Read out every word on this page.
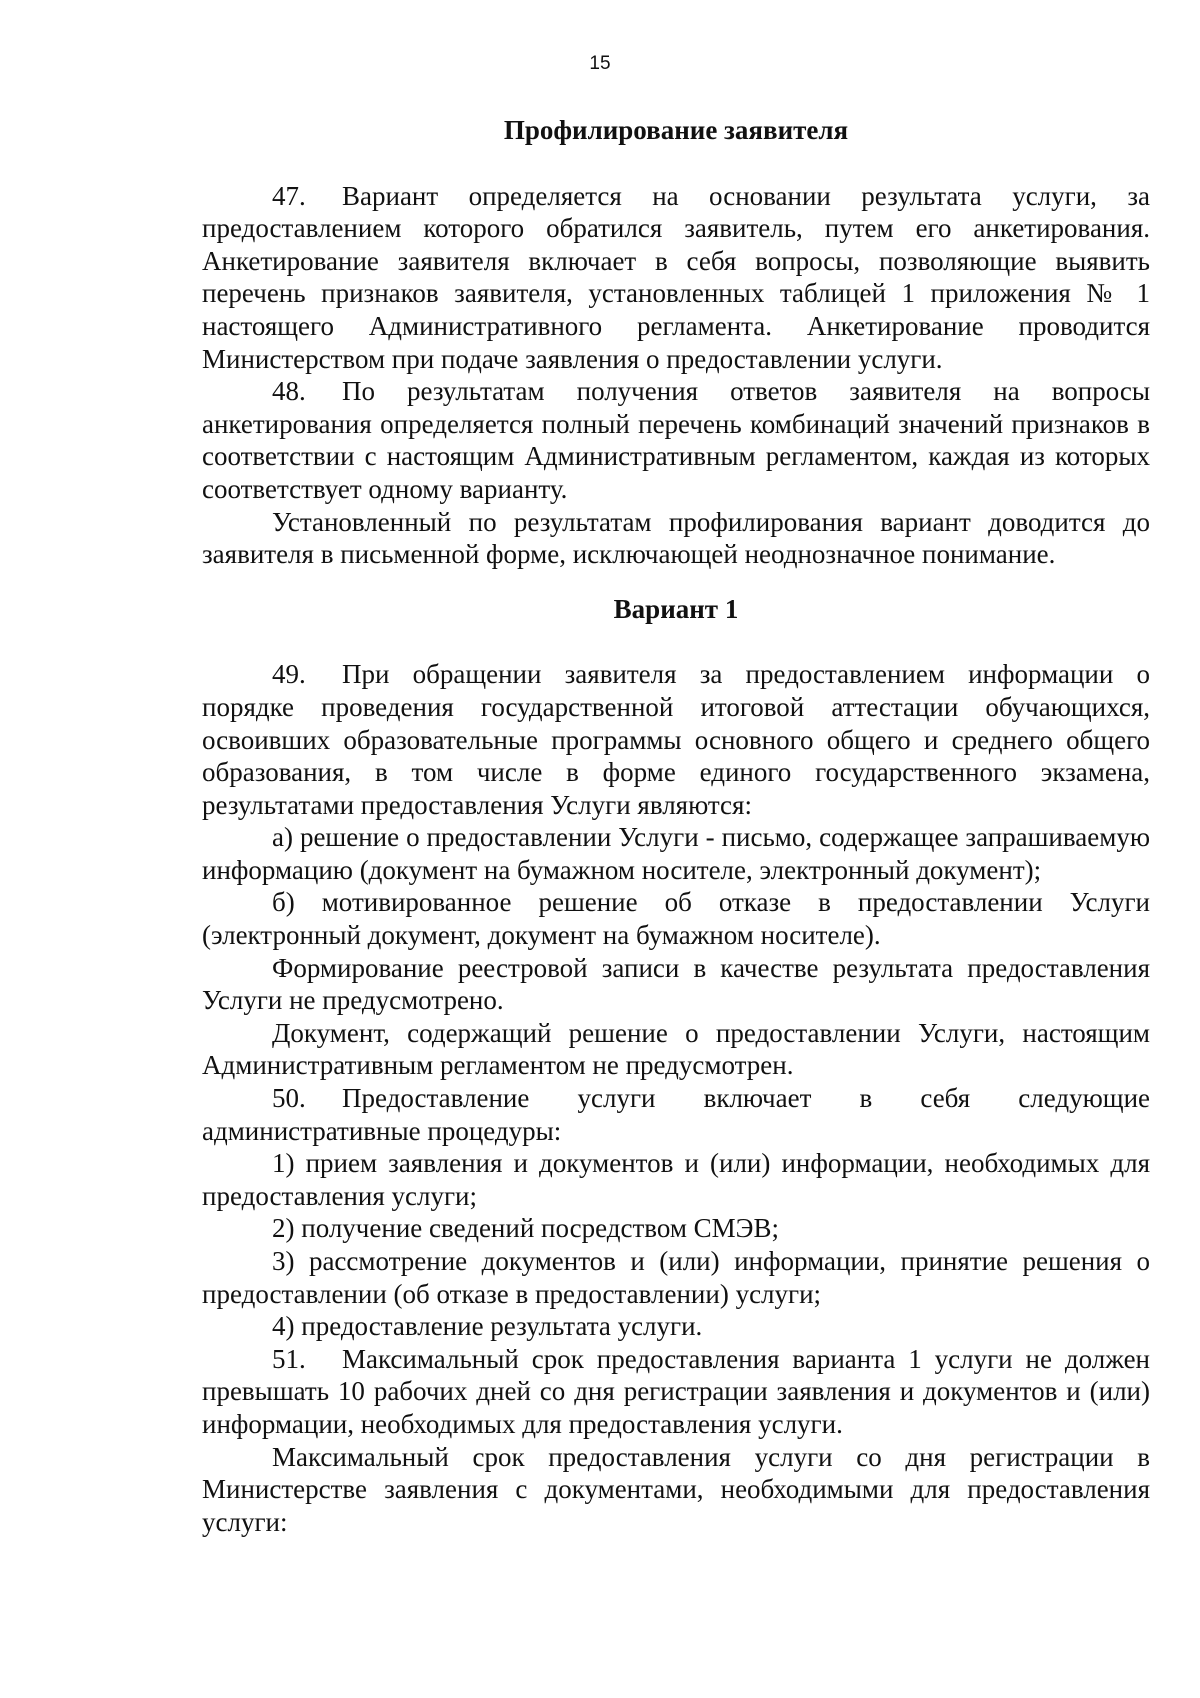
15
Профилирование заявителя

47. Вариант определяется на основании результата услуги, за предоставлением которого обратился заявитель, путем его анкетирования. Анкетирование заявителя включает в себя вопросы, позволяющие выявить перечень признаков заявителя, установленных таблицей 1 приложения № 1 настоящего Административного регламента. Анкетирование проводится Министерством при подаче заявления о предоставлении услуги.

48. По результатам получения ответов заявителя на вопросы анкетирования определяется полный перечень комбинаций значений признаков в соответствии с настоящим Административным регламентом, каждая из которых соответствует одному варианту.

Установленный по результатам профилирования вариант доводится до заявителя в письменной форме, исключающей неоднозначное понимание.

Вариант 1

49. При обращении заявителя за предоставлением информации о порядке проведения государственной итоговой аттестации обучающихся, освоивших образовательные программы основного общего и среднего общего образования, в том числе в форме единого государственного экзамена, результатами предоставления Услуги являются:

а) решение о предоставлении Услуги - письмо, содержащее запрашиваемую информацию (документ на бумажном носителе, электронный документ);

б) мотивированное решение об отказе в предоставлении Услуги (электронный документ, документ на бумажном носителе).

Формирование реестровой записи в качестве результата предоставления Услуги не предусмотрено.

Документ, содержащий решение о предоставлении Услуги, настоящим Административным регламентом не предусмотрен.

50. Предоставление услуги включает в себя следующие административные процедуры:

1) прием заявления и документов и (или) информации, необходимых для предоставления услуги;

2) получение сведений посредством СМЭВ;

3) рассмотрение документов и (или) информации, принятие решения о предоставлении (об отказе в предоставлении) услуги;

4) предоставление результата услуги.

51. Максимальный срок предоставления варианта 1 услуги не должен превышать 10 рабочих дней со дня регистрации заявления и документов и (или) информации, необходимых для предоставления услуги.

Максимальный срок предоставления услуги со дня регистрации в Министерстве заявления с документами, необходимыми для предоставления услуги:
